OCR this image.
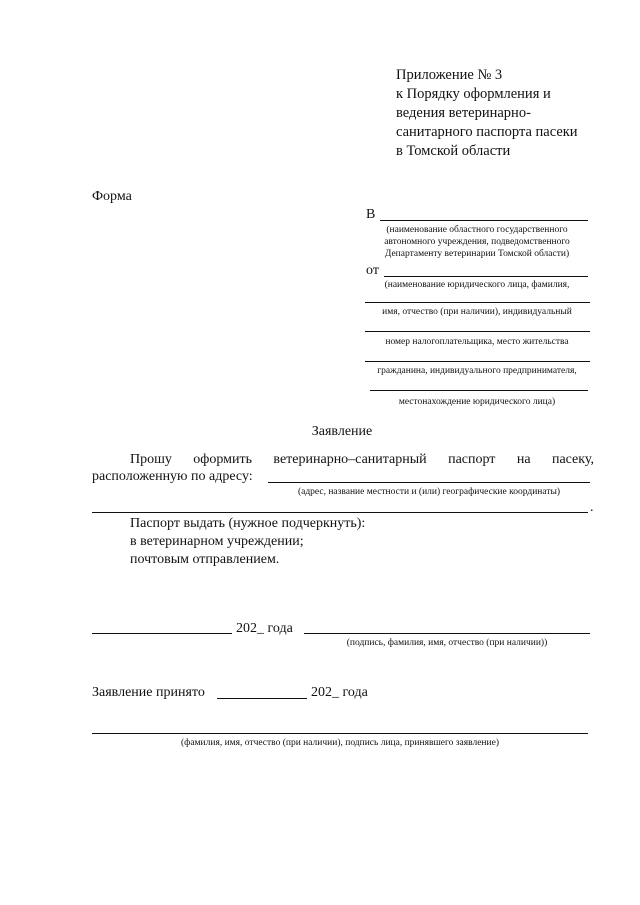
Приложение № 3
к Порядку оформления и
ведения ветеринарно-
санитарного паспорта пасеки
в Томской области
Форма
В
(наименование областного государственного
автономного учреждения, подведомственного
Департаменту ветеринарии Томской области)
от
(наименование юридического лица, фамилия,
имя, отчество (при наличии), индивидуальный
номер налогоплательщика, место жительства
гражданина, индивидуального предпринимателя,
местонахождение юридического лица)
Заявление
Прошу оформить ветеринарно–санитарный паспорт на пасеку,
расположенную по адресу:
(адрес, название местности и (или) географические координаты)
.
Паспорт выдать (нужное подчеркнуть):
в ветеринарном учреждении;
почтовым отправлением.
202_ года
(подпись, фамилия, имя, отчество (при наличии))
Заявление принято	202_ года
(фамилия, имя, отчество (при наличии), подпись лица, принявшего заявление)
